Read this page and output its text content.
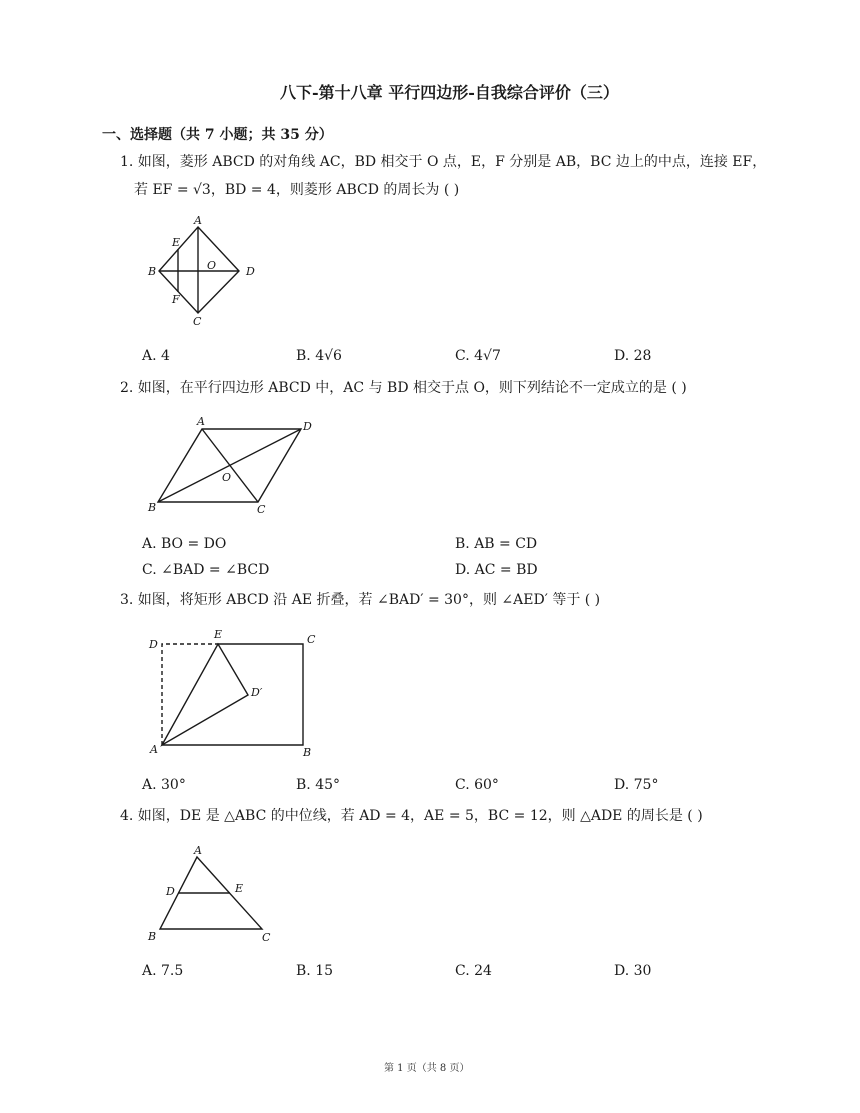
八下-第十八章 平行四边形-自我综合评价（三）
一、选择题（共 7 小题；共 35 分）
1. 如图，菱形 ABCD 的对角线 AC，BD 相交于 O 点，E，F 分别是 AB，BC 边上的中点，连接 EF，
若 EF = √3，BD = 4，则菱形 ABCD 的周长为 ( )
A
E
B	O	D
F
C
A. 4	B. 4√6	C. 4√7	D. 28
2. 如图，在平行四边形 ABCD 中，AC 与 BD 相交于点 O，则下列结论不一定成立的是 ( )
A	D
O
B	C
A. BO = DO	B. AB = CD
C. ∠BAD = ∠BCD	D. AC = BD
3. 如图，将矩形 ABCD 沿 AE 折叠，若 ∠BAD′ = 30°，则 ∠AED′ 等于 ( )
D
E	C
D′
A	B
A. 30°	B. 45°	C. 60°	D. 75°
4. 如图，DE 是 △ABC 的中位线，若 AD = 4，AE = 5，BC = 12，则 △ADE 的周长是 ( )
A
D	E
B	C
A. 7.5	B. 15	C. 24	D. 30
第 1 页（共 8 页）
